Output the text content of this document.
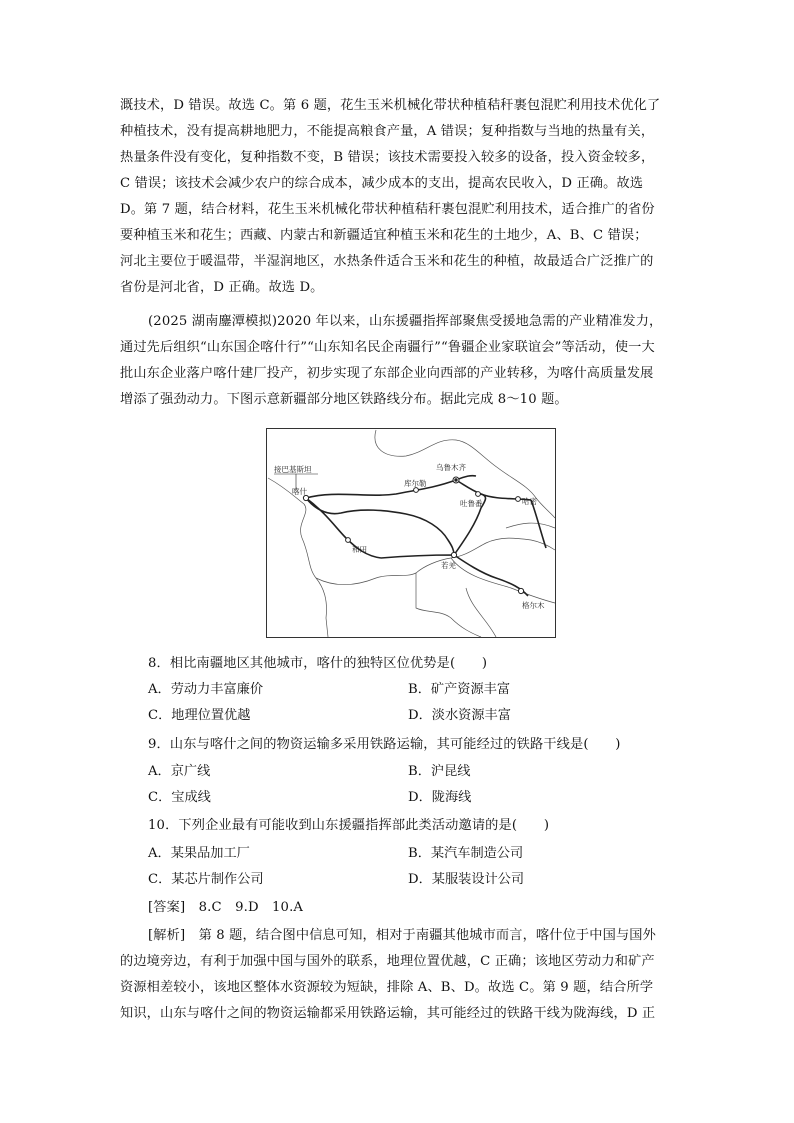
溉技术，D 错误。故选 C。第 6 题，花生玉米机械化带状种植秸秆裹包混贮利用技术优化了
种植技术，没有提高耕地肥力，不能提高粮食产量，A 错误；复种指数与当地的热量有关，
热量条件没有变化，复种指数不变，B 错误；该技术需要投入较多的设备，投入资金较多，
C 错误；该技术会减少农户的综合成本，减少成本的支出，提高农民收入，D 正确。故选
D。第 7 题，结合材料，花生玉米机械化带状种植秸秆裹包混贮利用技术，适合推广的省份
要种植玉米和花生；西藏、内蒙古和新疆适宜种植玉米和花生的土地少，A、B、C 错误；
河北主要位于暖温带，半湿润地区，水热条件适合玉米和花生的种植，故最适合广泛推广的
省份是河北省，D 正确。故选 D。
(2025 湖南鏖潭模拟)2020 年以来，山东援疆指挥部聚焦受援地急需的产业精准发力，
通过先后组织“山东国企喀什行”“山东知名民企南疆行”“鲁疆企业家联谊会”等活动，使一大
批山东企业落户喀什建厂投产，初步实现了东部企业向西部的产业转移，为喀什高质量发展
增添了强劲动力。下图示意新疆部分地区铁路线分布。据此完成 8～10 题。
接巴基斯坦
喀什
乌鲁木齐
库尔勒
吐鲁番	哈密
和田
若羌
格尔木
8．相比南疆地区其他城市，喀什的独特区位优势是(　　)
A．劳动力丰富廉价	B．矿产资源丰富
C．地理位置优越	D．淡水资源丰富
9．山东与喀什之间的物资运输多采用铁路运输，其可能经过的铁路干线是(　　)
A．京广线	B．沪昆线
C．宝成线	D．陇海线
10．下列企业最有可能收到山东援疆指挥部此类活动邀请的是(　　)
A．某果品加工厂	B．某汽车制造公司
C．某芯片制作公司	D．某服装设计公司
[答案]　8.C　9.D　10.A
[解析]　第 8 题，结合图中信息可知，相对于南疆其他城市而言，喀什位于中国与国外
的边境旁边，有利于加强中国与国外的联系，地理位置优越，C 正确；该地区劳动力和矿产
资源相差较小，该地区整体水资源较为短缺，排除 A、B、D。故选 C。第 9 题，结合所学
知识，山东与喀什之间的物资运输都采用铁路运输，其可能经过的铁路干线为陇海线，D 正
